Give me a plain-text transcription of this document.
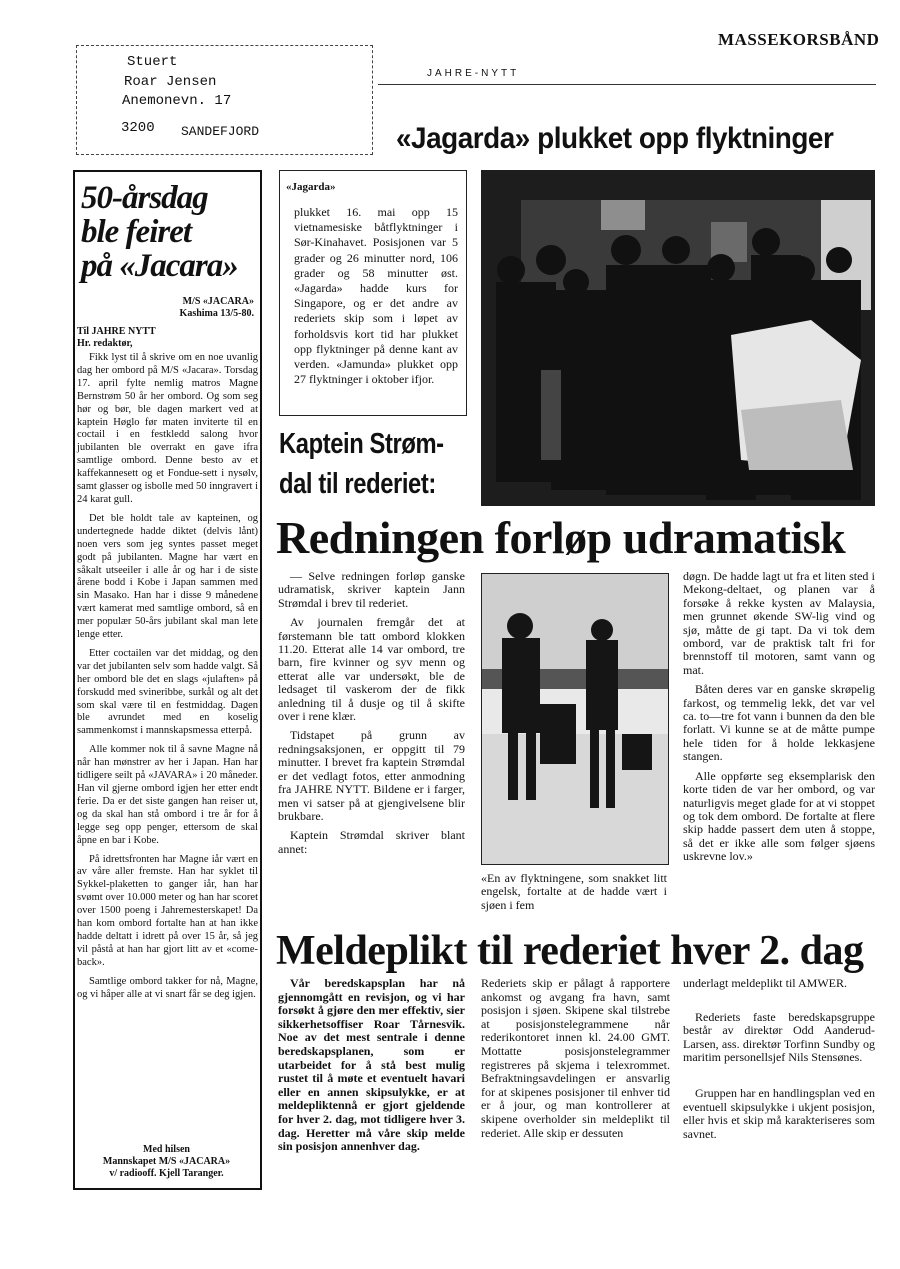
MASSEKORSBÅND
JAHRE-NYTT
Stuert
Roar Jensen
Anemonevn. 17
3200 SANDEFJORD	«Jagarda» plukket opp flyktninger
«Jagarda»
plukket 16. mai opp 15 vietnamesiske båtflyktninger i Sør-Kinahavet. Posisjonen var 5 grader og 26 minutter nord, 106 grader og 58 minutter øst. «Jagarda» hadde kurs for Singapore, og er det andre av rederiets skip som i løpet av forholdsvis kort tid har plukket opp flyktninger på denne kant av verden. «Jamunda» plukket opp 27 flyktninger i oktober ifjor.
Kaptein Strøm-
dal til rederiet:
50-årsdag
ble feiret
på «Jacara»
M/S «JACARA»
Kashima 13/5-80.
Til JAHRE NYTT
Hr. redaktør,

Fikk lyst til å skrive om en noe uvanlig dag her ombord på M/S «Jacara». Torsdag 17. april fylte nemlig matros Magne Bernstrøm 50 år her ombord. Og som seg hør og bør, ble dagen markert ved at kaptein Høglo før maten inviterte til en coctail i en festkledd salong hvor jubilanten ble overrakt en gave ifra samtlige ombord. Denne besto av et kaffekannesett og et Fondue-sett i nysølv, samt glasser og isbolle med 50 inngravert i 24 karat gull.

Det ble holdt tale av kapteinen, og undertegnede hadde diktet (delvis lånt) noen vers som jeg syntes passet meget godt på jubilanten. Magne har vært en såkalt utseeiler i alle år og har i de siste årene bodd i Kobe i Japan sammen med sin Masako. Han har i disse 9 månedene vært kamerat med samtlige ombord, så en mer populær 50-års jubilant skal man lete lenge etter.

Etter coctailen var det middag, og den var det jubilanten selv som hadde valgt. Så her ombord ble det en slags «julaften» på forskudd med svineribbe, surkål og alt det som skal være til en festmiddag. Dagen ble avrundet med en koselig sammenkomst i mannskapsmessa etterpå.

Alle kommer nok til å savne Magne nå når han mønstrer av her i Japan. Han har tidligere seilt på «JAVARA» i 20 måneder. Han vil gjerne ombord igjen her etter endt ferie. Da er det siste gangen han reiser ut, og da skal han stå ombord i tre år for å legge seg opp penger, ettersom de skal åpne en bar i Kobe.

På idrettsfronten har Magne iår vært en av våre aller fremste. Han har syklet til Sykkel-plaketten to ganger iår, han har svømt over 10.000 meter og han har scoret over 1500 poeng i Jahremesterskapet! Da han kom ombord fortalte han at han ikke hadde deltatt i idrett på over 15 år, så jeg vil påstå at han har gjort litt av et «come-back».

Samtlige ombord takker for nå, Magne, og vi håper alle at vi snart får se deg igjen.

Med hilsen
Mannskapet M/S «JACARA»
v/ radiooff. Kjell Taranger.
Redningen forløp udramatisk

— Selve redningen forløp ganske udramatisk, skriver kaptein Jann Strømdal i brev til rederiet.

Av journalen fremgår det at førstemann ble tatt ombord klokken 11.20. Etterat alle 14 var ombord, tre barn, fire kvinner og syv menn og etterat alle var undersøkt, ble de ledsaget til vaskerom der de fikk anledning til å dusje og til å skifte over i rene klær.

Tidstapet på grunn av redningsaksjonen, er oppgitt til 79 minutter. I brevet fra kaptein Strømdal er det vedlagt fotos, etter anmodning fra JAHRE NYTT. Bildene er i farger, men vi satser på at gjengivelsene blir brukbare.

Kaptein Strømdal skriver blant annet:

«En av flyktningene, som snakket litt engelsk, fortalte at de hadde vært i sjøen i fem

døgn. De hadde lagt ut fra et liten sted i Mekong-deltaet, og planen var å forsøke å rekke kysten av Malaysia, men grunnet økende SW-lig vind og sjø, måtte de gi tapt. Da vi tok dem ombord, var de praktisk talt fri for brennstoff til motoren, samt vann og mat.

Båten deres var en ganske skrøpelig farkost, og temmelig lekk, det var vel ca. to—tre fot vann i bunnen da den ble forlatt. Vi kunne se at de måtte pumpe hele tiden for å holde lekkasjene stangen.

Alle oppførte seg eksemplarisk den korte tiden de var her ombord, og var naturligvis meget glade for at vi stoppet og tok dem ombord. De fortalte at flere skip hadde passert dem uten å stoppe, så det er ikke alle som følger sjøens uskrevne lov.»

Meldeplikt til rederiet hver 2. dag

Vår beredskapsplan har nå gjennomgått en revisjon, og vi har forsøkt å gjøre den mer effektiv, sier sikkerhetsoffiser Roar Tårnesvik. Noe av det mest sentrale i denne beredskapsplanen, som er utarbeidet for å stå best mulig rustet til å møte et eventuelt havari eller en annen skipsulykke, er at meldepliktennå er gjort gjeldende for hver 2. dag, mot tidligere hver 3. dag. Heretter må våre skip melde sin posisjon annenhver dag.

Rederiets skip er pålagt å rapportere ankomst og avgang fra havn, samt posisjon i sjøen. Skipene skal tilstrebe at posisjonstelegrammene når rederikontoret innen kl. 24.00 GMT. Mottatte posisjonstelegrammer registreres på skjema i telexrommet. Befraktningsavdelingen er ansvarlig for at skipenes posisjoner til enhver tid er å jour, og man kontrollerer at skipene overholder sin meldeplikt til rederiet. Alle skip er dessuten

underlagt meldeplikt til AMWER.

Rederiets faste beredskapsgruppe består av direktør Odd Aanderud-Larsen, ass. direktør Torfinn Sundby og maritim personellsjef Nils Stensønes.

Gruppen har en handlingsplan ved en eventuell skipsulykke i ukjent posisjon, eller hvis et skip må karakteriseres som savnet.
